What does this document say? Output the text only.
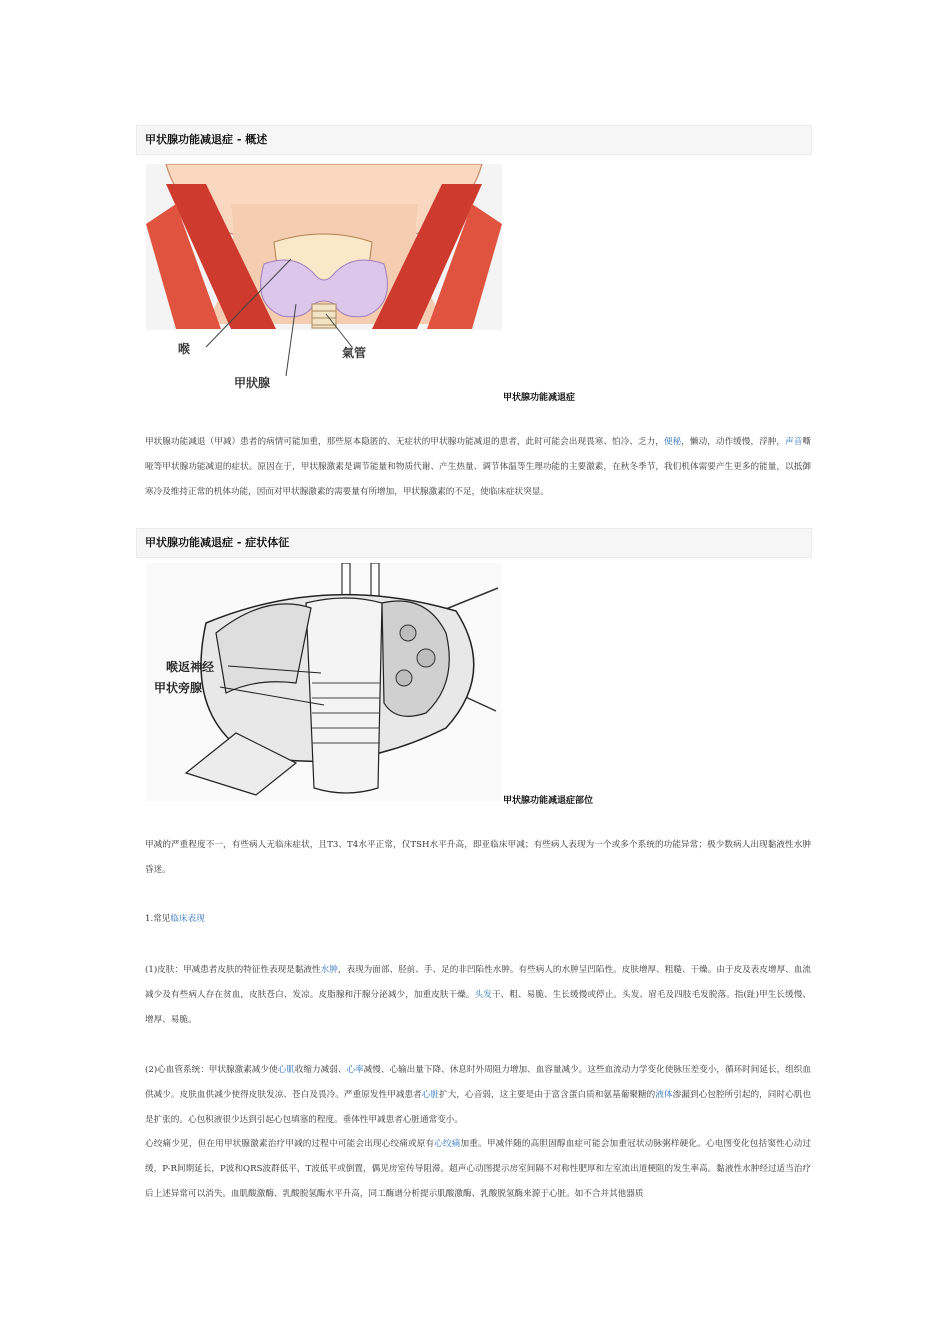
甲状腺功能减退症 - 概述
喉	氣管
甲狀腺
甲状腺功能减退症

甲状腺功能减退（甲减）患者的病情可能加重，那些原本隐匿的、无症状的甲状腺功能减退的患者，此时可能会出现畏寒、怕冷、乏力，便秘，懒动，动作缓慢，浮肿，声音嘶哑等甲状腺功能减退的症状。原因在于，甲状腺激素是调节能量和物质代谢、产生热量、调节体温等生理功能的主要激素，在秋冬季节，我们机体需要产生更多的能量，以抵御寒冷及维持正常的机体功能，因而对甲状腺激素的需要量有所增加，甲状腺激素的不足，使临床症状突显。

甲状腺功能减退症 - 症状体征
喉返神经
甲状旁腺
甲状腺功能减退症部位

甲减的严重程度不一，有些病人无临床症状，且T3、T4水平正常，仅TSH水平升高，即亚临床甲减；有些病人表现为一个或多个系统的功能异常；极少数病人出现黏液性水肿昏迷。

1.常见临床表现

(1)皮肤：甲减患者皮肤的特征性表现是黏液性水肿，表现为面部、胫前、手、足的非凹陷性水肿。有些病人的水肿呈凹陷性。皮肤增厚、粗糙、干燥。由于皮及表皮增厚、血流减少及有些病人存在贫血，皮肤苍白、发凉。皮脂腺和汗腺分泌减少，加重皮肤干燥。头发干、粗、易脆、生长缓慢或停止。头发、眉毛及四肢毛发脱落。指(趾)甲生长缓慢、增厚、易脆。

(2)心血管系统：甲状腺激素减少使心肌收缩力减弱、心率减慢、心输出量下降、休息时外周阻力增加、血容量减少。这些血流动力学变化使脉压差变小，循环时间延长，组织血供减少。皮肤血供减少使得皮肤发凉、苍白及畏冷。严重原发性甲减患者心脏扩大，心音弱，这主要是由于富含蛋白质和氨基葡聚糖的液体渗漏到心包腔所引起的，同时心肌也是扩张的。心包积液很少达到引起心包填塞的程度。垂体性甲减患者心脏通常变小。

心绞痛少见，但在用甲状腺激素治疗甲减的过程中可能会出现心绞痛或原有心绞痛加重。甲减伴随的高胆固醇血症可能会加重冠状动脉粥样硬化。心电图变化包括窦性心动过缓，P-R间期延长，P波和QRS波群低平，T波低平或倒置，偶见房室传导阻滞。超声心动图提示房室间隔不对称性肥厚和左室流出道梗阻的发生率高。黏液性水肿经过适当治疗后上述异常可以消失。血肌酸激酶、乳酸脱氢酶水平升高，同工酶谱分析提示肌酸激酶、乳酸脱氢酶来源于心脏。如不合并其他器质
